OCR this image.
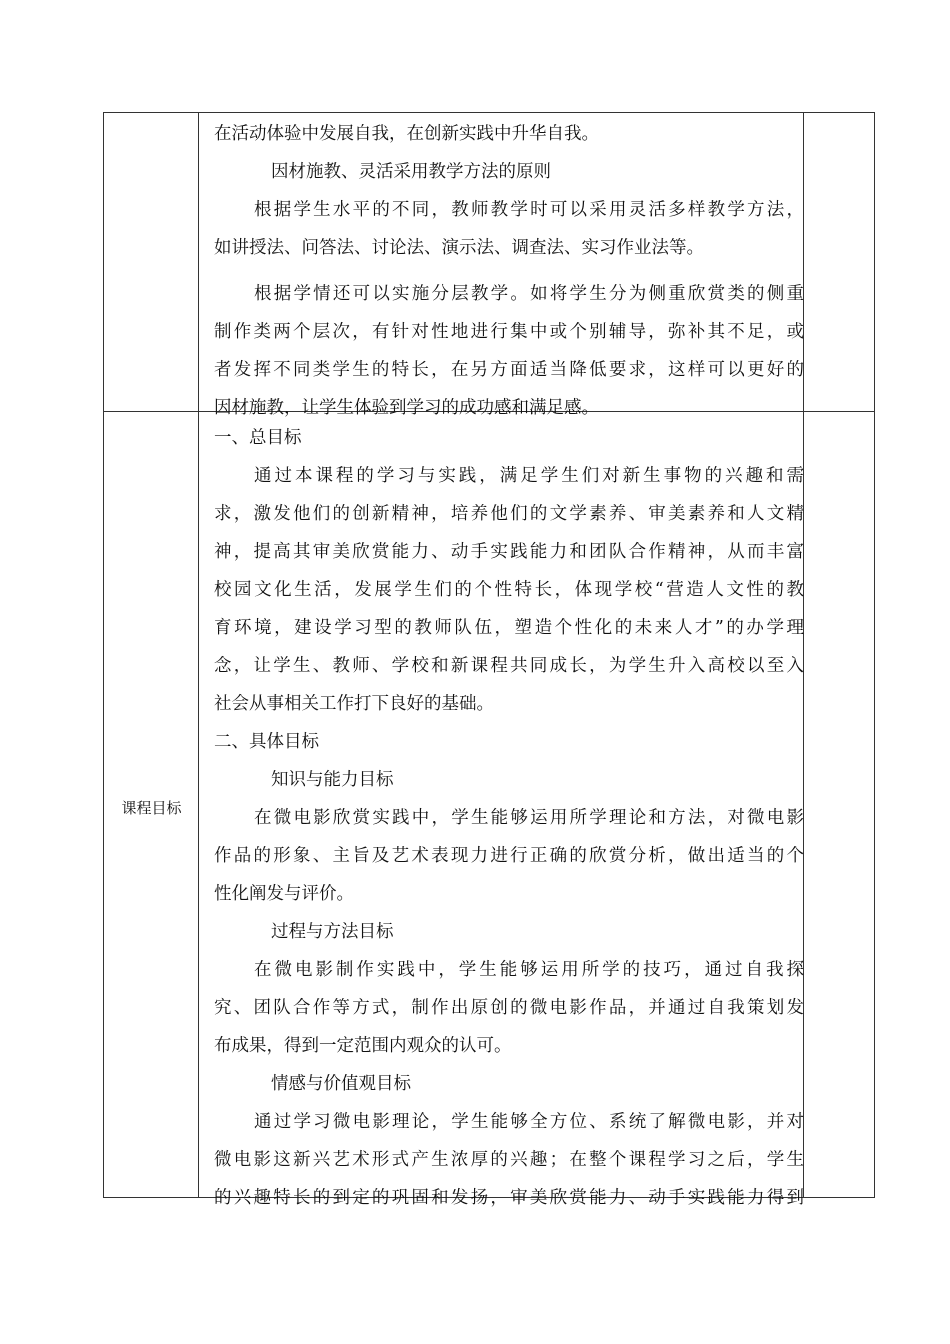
在活动体验中发展自我，在创新实践中升华自我。
因材施教、灵活采用教学方法的原则
根据学生水平的不同，教师教学时可以采用灵活多样教学方法，
如讲授法、问答法、讨论法、演示法、调查法、实习作业法等。
根据学情还可以实施分层教学。如将学生分为侧重欣赏类的侧重
制作类两个层次，有针对性地进行集中或个别辅导，弥补其不足，或
者发挥不同类学生的特长，在另方面适当降低要求，这样可以更好的
因材施教，让学生体验到学习的成功感和满足感。
课程目标
一、总目标
通过本课程的学习与实践，满足学生们对新生事物的兴趣和需
求，激发他们的创新精神，培养他们的文学素养、审美素养和人文精
神，提高其审美欣赏能力、动手实践能力和团队合作精神，从而丰富
校园文化生活，发展学生们的个性特长，体现学校“营造人文性的教
育环境，建设学习型的教师队伍，塑造个性化的未来人才”的办学理
念，让学生、教师、学校和新课程共同成长，为学生升入高校以至入
社会从事相关工作打下良好的基础。
二、具体目标
知识与能力目标
在微电影欣赏实践中，学生能够运用所学理论和方法，对微电影
作品的形象、主旨及艺术表现力进行正确的欣赏分析，做出适当的个
性化阐发与评价。
过程与方法目标
在微电影制作实践中，学生能够运用所学的技巧，通过自我探
究、团队合作等方式，制作出原创的微电影作品，并通过自我策划发
布成果，得到一定范围内观众的认可。
情感与价值观目标
通过学习微电影理论，学生能够全方位、系统了解微电影，并对
微电影这新兴艺术形式产生浓厚的兴趣；在整个课程学习之后，学生
的兴趣特长的到定的巩固和发扬，审美欣赏能力、动手实践能力得到
